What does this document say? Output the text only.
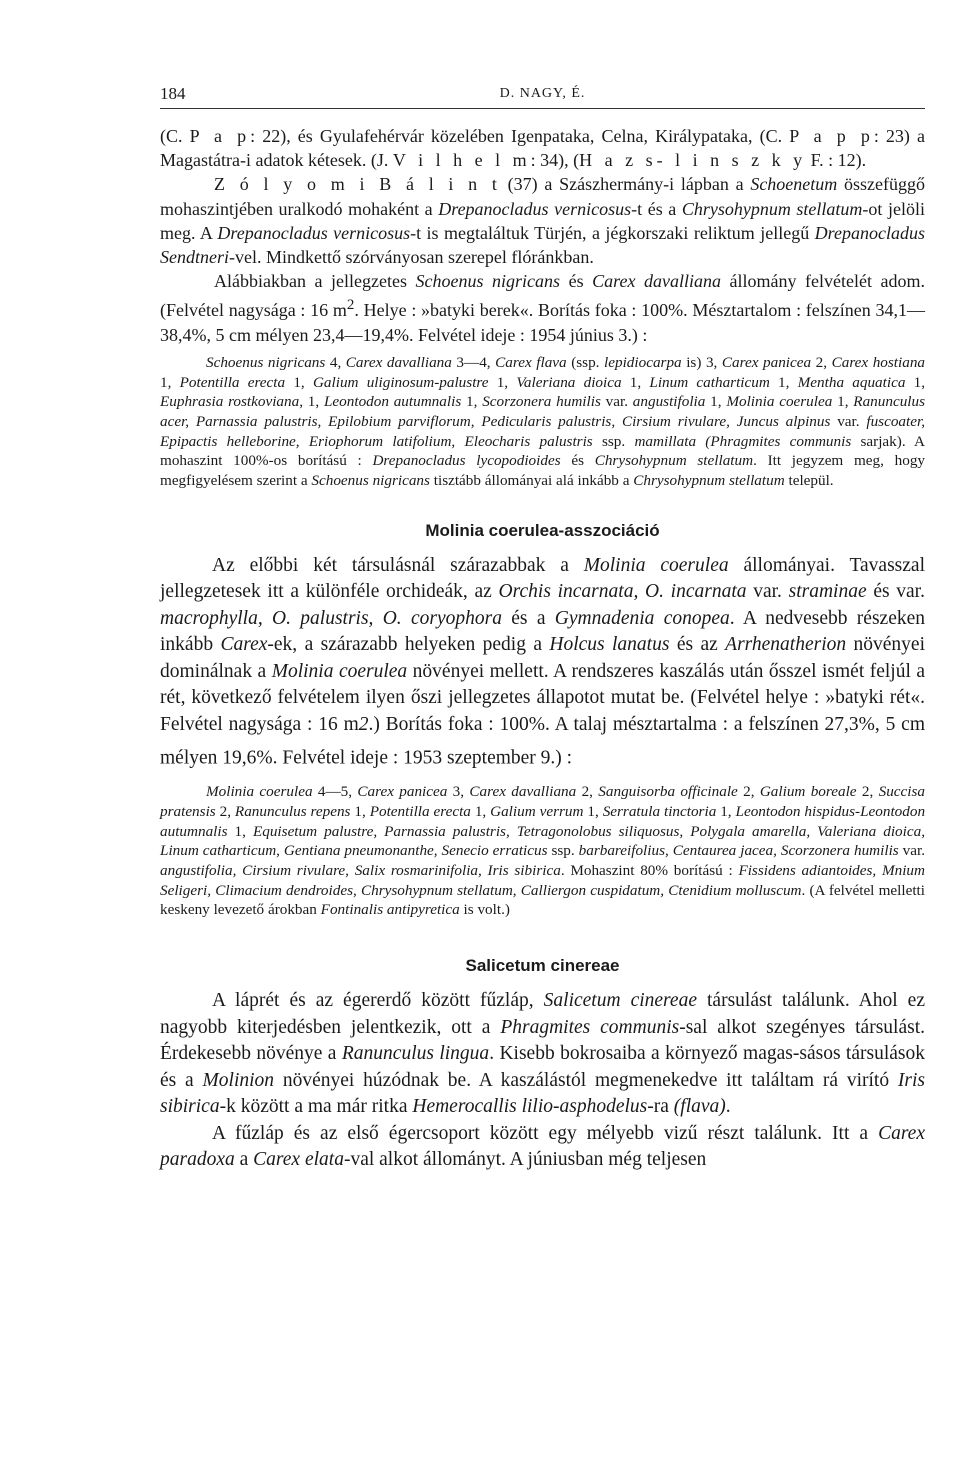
184	D. NAGY, É.

(C. P a p: 22), és Gyulafehérvár közelében Igenpataka, Celna, Királypataka, (C. P a p p: 23) a Magastátra-i adatok kétesek. (J. V i l h e l m: 34), (H a z s- l i n s z k y F. : 12).

Z ó l y o m i B á l i n t (37) a Szászhermány-i lápban a Schoenetum összefüggő mohaszintjében uralkodó mohaként a Drepanocladus vernicosus-t és a Chrysohypnum stellatum-ot jelöli meg. A Drepanocladus vernicosus-t is megtaláltuk Türjén, a jégkorszaki reliktum jellegű Drepanocladus Sendtneri-vel. Mindkettő szórványosan szerepel flóránkban.

Alábbiakban a jellegzetes Schoenus nigricans és Carex davalliana állomány felvételét adom. (Felvétel nagysága : 16 $m^2$. Helye : »batyki berek«. Borítás foka : 100%. Mésztartalom : felszínen 34,1—38,4%, 5 cm mélyen 23,4—19,4%. Felvétel ideje : 1954 június 3.) :

Schoenus nigricans 4, Carex davalliana 3—4, Carex flava (ssp. lepidiocarpa is) 3, Carex panicea 2, Carex hostiana 1, Potentilla erecta 1, Galium uliginosum-palustre 1, Valeriana dioica 1, Linum catharticum 1, Mentha aquatica 1, Euphrasia rostkoviana, 1, Leontodon autumnalis 1, Scorzonera humilis var. angustifolia 1, Molinia coerulea 1, Ranunculus acer, Parnassia palustris, Epilobium parviflorum, Pedicularis palustris, Cirsium rivulare, Juncus alpinus var. fuscoater, Epipactis helleborine, Eriophorum latifolium, Eleocharis palustris ssp. mamillata (Phragmites communis sarjak). A mohaszint 100%-os borítású : Drepanocladus lycopodioides és Chrysohypnum stellatum. Itt jegyzem meg, hogy megfigyelésem szerint a Schoenus nigricans tisztább állományai alá inkább a Chrysohypnum stellatum települ.

Molinia coerulea-asszociáció

Az előbbi két társulásnál szárazabbak a Molinia coerulea állományai. Tavasszal jellegzetesek itt a különféle orchideák, az Orchis incarnata, O. incarnata var. straminae és var. macrophylla, O. palustris, O. coryophora és a Gymnadenia conopea. A nedvesebb részeken inkább Carex-ek, a szárazabb helyeken pedig a Holcus lanatus és az Arrhenatherion növényei dominálnak a Molinia coerulea növényei mellett. A rendszeres kaszálás után ősszel ismét feljúl a rét, következő felvételem ilyen őszi jellegzetes állapotot mutat be. (Felvétel helye : »batyki rét«. Felvétel nagysága : 16 m2.) Borítás foka : 100%. A talaj mésztartalma : a felszínen 27,3%, 5 cm mélyen 19,6%. Felvétel ideje : 1953 szeptember 9.) :

Molinia coerulea 4—5, Carex panicea 3, Carex davalliana 2, Sanguisorba officinale 2, Galium boreale 2, Succisa pratensis 2, Ranunculus repens 1, Potentilla erecta 1, Galium verrum 1, Serratula tinctoria 1, Leontodon hispidus-Leontodon autumnalis 1, Equisetum palustre, Parnassia palustris, Tetragonolobus siliquosus, Polygala amarella, Valeriana dioica, Linum catharticum, Gentiana pneumonanthe, Senecio erraticus ssp. barbareifolius, Centaurea jacea, Scorzonera humilis var. angustifolia, Cirsium rivulare, Salix rosmarinifolia, Iris sibirica. Mohaszint 80% borítású : Fissidens adiantoides, Mnium Seligeri, Climacium dendroides, Chrysohypnum stellatum, Calliergon cuspidatum, Ctenidium molluscum. (A felvétel melletti keskeny levezető árokban Fontinalis antipyretica is volt.)

Salicetum cinereae

A láprét és az égererdő között fűzláp, Salicetum cinereae társulást találunk. Ahol ez nagyobb kiterjedésben jelentkezik, ott a Phragmites communis-sal alkot szegényes társulást. Érdekesebb növénye a Ranunculus lingua. Kisebb bokrosaiba a környező magas-sásos társulások és a Molinion növényei húzódnak be. A kaszálástól megmenekedve itt találtam rá virító Iris sibirica-k között a ma már ritka Hemerocallis lilio-asphodelus-ra (flava).

A fűzláp és az első égercsoport között egy mélyebb vizű részt találunk. Itt a Carex paradoxa a Carex elata-val alkot állományt. A júniusban még teljesen
